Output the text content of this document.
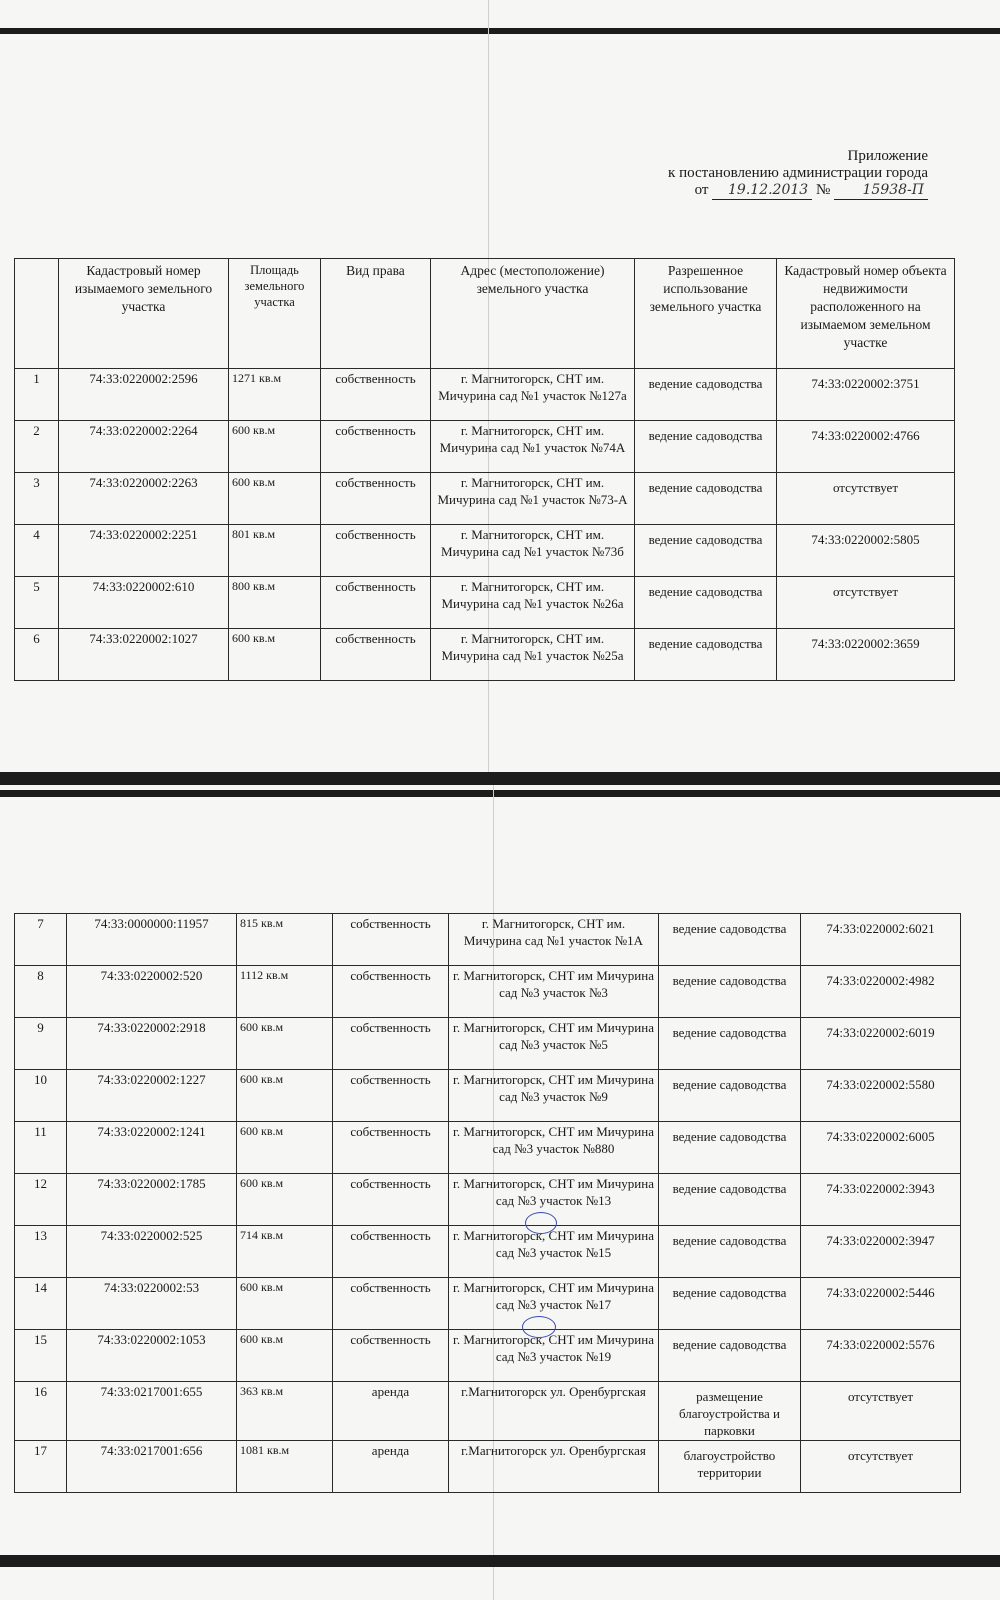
Приложение
к постановлению администрации города
от 19.12.2013 № 15938-П
	Кадастровый номер изымаемого земельного участка	Площадь земельного участка	Вид права	Адрес (местоположение) земельного участка	Разрешенное использование земельного участка	Кадастровый номер объекта недвижимости расположенного на изымаемом земельном участке
1	74:33:0220002:2596	1271 кв.м	собственность	г. Магнитогорск, СНТ им. Мичурина сад №1 участок №127а	ведение садоводства	74:33:0220002:3751
2	74:33:0220002:2264	600 кв.м	собственность	г. Магнитогорск, СНТ им. Мичурина сад №1 участок №74А	ведение садоводства	74:33:0220002:4766
3	74:33:0220002:2263	600 кв.м	собственность	г. Магнитогорск, СНТ им. Мичурина сад №1 участок №73-А	ведение садоводства	отсутствует
4	74:33:0220002:2251	801 кв.м	собственность	г. Магнитогорск, СНТ им. Мичурина сад №1 участок №73б	ведение садоводства	74:33:0220002:5805
5	74:33:0220002:610	800 кв.м	собственность	г. Магнитогорск, СНТ им. Мичурина сад №1 участок №26а	ведение садоводства	отсутствует
6	74:33:0220002:1027	600 кв.м	собственность	г. Магнитогорск, СНТ им. Мичурина сад №1 участок №25а	ведение садоводства	74:33:0220002:3659
7	74:33:0000000:11957	815 кв.м	собственность	г. Магнитогорск, СНТ им. Мичурина сад №1 участок №1А	ведение садоводства	74:33:0220002:6021
8	74:33:0220002:520	1112 кв.м	собственность	г. Магнитогорск, СНТ им Мичурина сад №3 участок №3	ведение садоводства	74:33:0220002:4982
9	74:33:0220002:2918	600 кв.м	собственность	г. Магнитогорск, СНТ им Мичурина сад №3 участок №5	ведение садоводства	74:33:0220002:6019
10	74:33:0220002:1227	600 кв.м	собственность	г. Магнитогорск, СНТ им Мичурина сад №3 участок №9	ведение садоводства	74:33:0220002:5580
11	74:33:0220002:1241	600 кв.м	собственность	г. Магнитогорск, СНТ им Мичурина сад №3 участок №880	ведение садоводства	74:33:0220002:6005
12	74:33:0220002:1785	600 кв.м	собственность	г. Магнитогорск, СНТ им Мичурина сад №3 участок №13	ведение садоводства	74:33:0220002:3943
13	74:33:0220002:525	714 кв.м	собственность	г. Магнитогорск, СНТ им Мичурина сад №3 участок №15	ведение садоводства	74:33:0220002:3947
14	74:33:0220002:53	600 кв.м	собственность	г. Магнитогорск, СНТ им Мичурина сад №3 участок №17	ведение садоводства	74:33:0220002:5446
15	74:33:0220002:1053	600 кв.м	собственность	г. Магнитогорск, СНТ им Мичурина сад №3 участок №19	ведение садоводства	74:33:0220002:5576
16	74:33:0217001:655	363 кв.м	аренда	г.Магнитогорск ул. Оренбургская	размещение благоустройства и парковки	отсутствует
17	74:33:0217001:656	1081 кв.м	аренда	г.Магнитогорск ул. Оренбургская	благоустройство территории	отсутствует
